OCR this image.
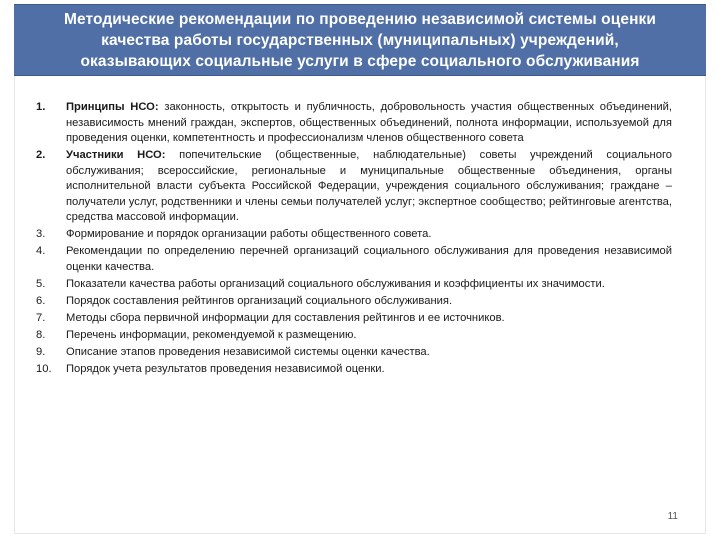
Методические рекомендации по проведению независимой системы оценки
качества работы государственных (муниципальных) учреждений,
оказывающих социальные услуги в сфере социального обслуживания
1.	Принципы НСО: законность, открытость и публичность, добровольность участия общественных объединений, независимость мнений граждан, экспертов, общественных объединений, полнота информации, используемой для проведения оценки, компетентность и профессионализм членов общественного совета
2.	Участники НСО: попечительские (общественные, наблюдательные) советы учреждений социального обслуживания; всероссийские, региональные и муниципальные общественные объединения, органы исполнительной власти субъекта Российской Федерации, учреждения социального обслуживания; граждане – получатели услуг, родственники и члены семьи получателей услуг; экспертное сообщество; рейтинговые агентства, средства массовой информации.
3.	Формирование и порядок организации работы общественного совета.
4.	Рекомендации по определению перечней организаций социального обслуживания для проведения независимой оценки качества.
5.	Показатели качества работы организаций социального обслуживания и коэффициенты их значимости.
6.	Порядок составления рейтингов организаций социального обслуживания.
7.	Методы сбора первичной информации для составления рейтингов и ее источников.
8.	Перечень информации, рекомендуемой к размещению.
9.	Описание этапов проведения независимой системы оценки качества.
10.	Порядок учета результатов проведения независимой оценки.
11
